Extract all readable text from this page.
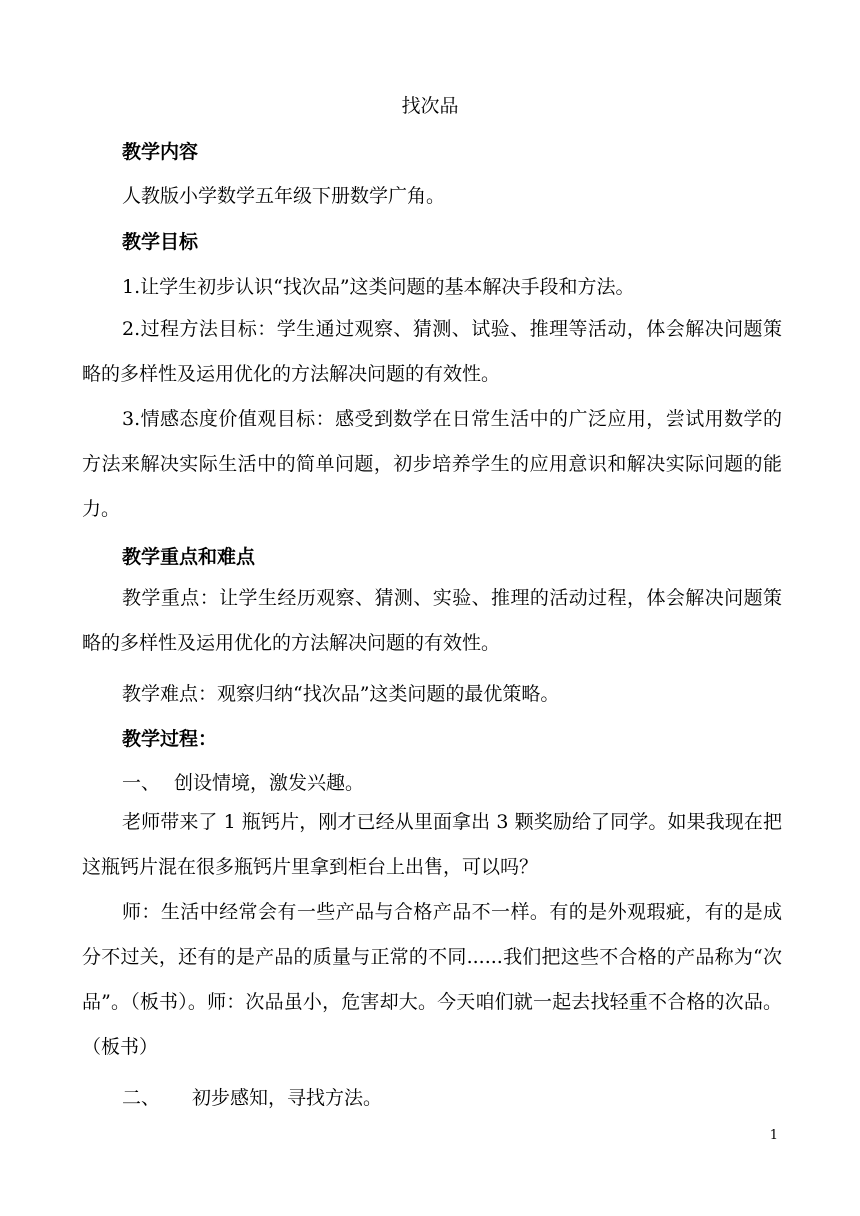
找次品
教学内容

人教版小学数学五年级下册数学广角。

教学目标

1.让学生初步认识“找次品”这类问题的基本解决手段和方法。

2.过程方法目标：学生通过观察、猜测、试验、推理等活动，体会解决问题策略的多样性及运用优化的方法解决问题的有效性。

3.情感态度价值观目标：感受到数学在日常生活中的广泛应用，尝试用数学的方法来解决实际生活中的简单问题，初步培养学生的应用意识和解决实际问题的能力。

教学重点和难点

教学重点：让学生经历观察、猜测、实验、推理的活动过程，体会解决问题策略的多样性及运用优化的方法解决问题的有效性。

教学难点：观察归纳“找次品”这类问题的最优策略。

教学过程：

一、 创设情境，激发兴趣。

老师带来了 1 瓶钙片，刚才已经从里面拿出 3 颗奖励给了同学。如果我现在把这瓶钙片混在很多瓶钙片里拿到柜台上出售，可以吗？

师：生活中经常会有一些产品与合格产品不一样。有的是外观瑕疵，有的是成分不过关，还有的是产品的质量与正常的不同......我们把这些不合格的产品称为“次品”。（板书）。师：次品虽小，危害却大。今天咱们就一起去找轻重不合格的次品。（板书）

二、 初步感知，寻找方法。

1
